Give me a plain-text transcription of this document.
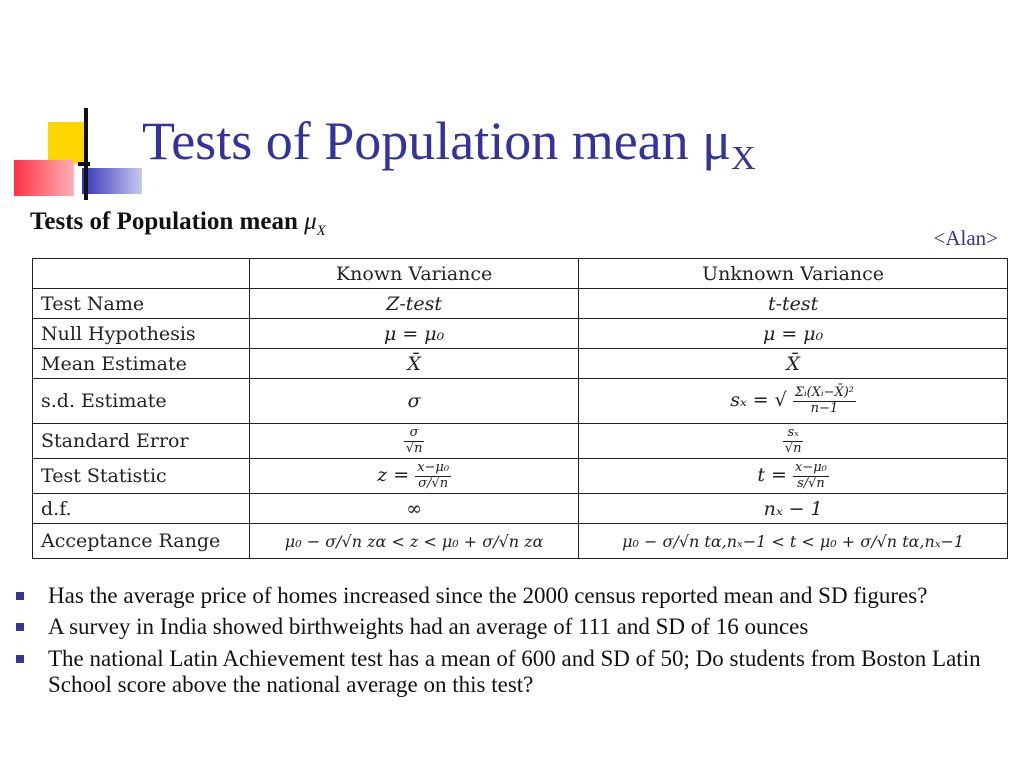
Tests of Population mean $\mu_X$
Tests of Population mean $\mu_X$	<Alan>
	Known Variance	Unknown Variance
Test Name	Z-test	t-test
Null Hypothesis	μ = μ₀	μ = μ₀
Mean Estimate	X̄	X̄
s.d. Estimate	σ	sₓ = √ $\frac{\text{Σᵢ(Xᵢ−X̄)²}}{n-1}$

Standard Error	$\frac{\sigma}{√n}$	$\frac{\text{sₓ}}{√n}$

Test Statistic	$z = \frac{\text{x−μ₀}}{\sigma/√n}$	$t = \frac{\text{x−μ₀}}{s/√n}$

d.f.	∞	nₓ − 1
Acceptance Range	μ₀ − σ/√n zα < z < μ₀ + σ/√n zα	μ₀ − σ/√n tα,nₓ−1 < t < μ₀ + σ/√n tα,nₓ−1
Has the average price of homes increased since the 2000 census reported mean and SD figures?
A survey in India showed birthweights had an average of 111 and SD of 16 ounces
The national Latin Achievement test has a mean of 600 and SD of 50; Do students from Boston Latin School score above the national average on this test?
